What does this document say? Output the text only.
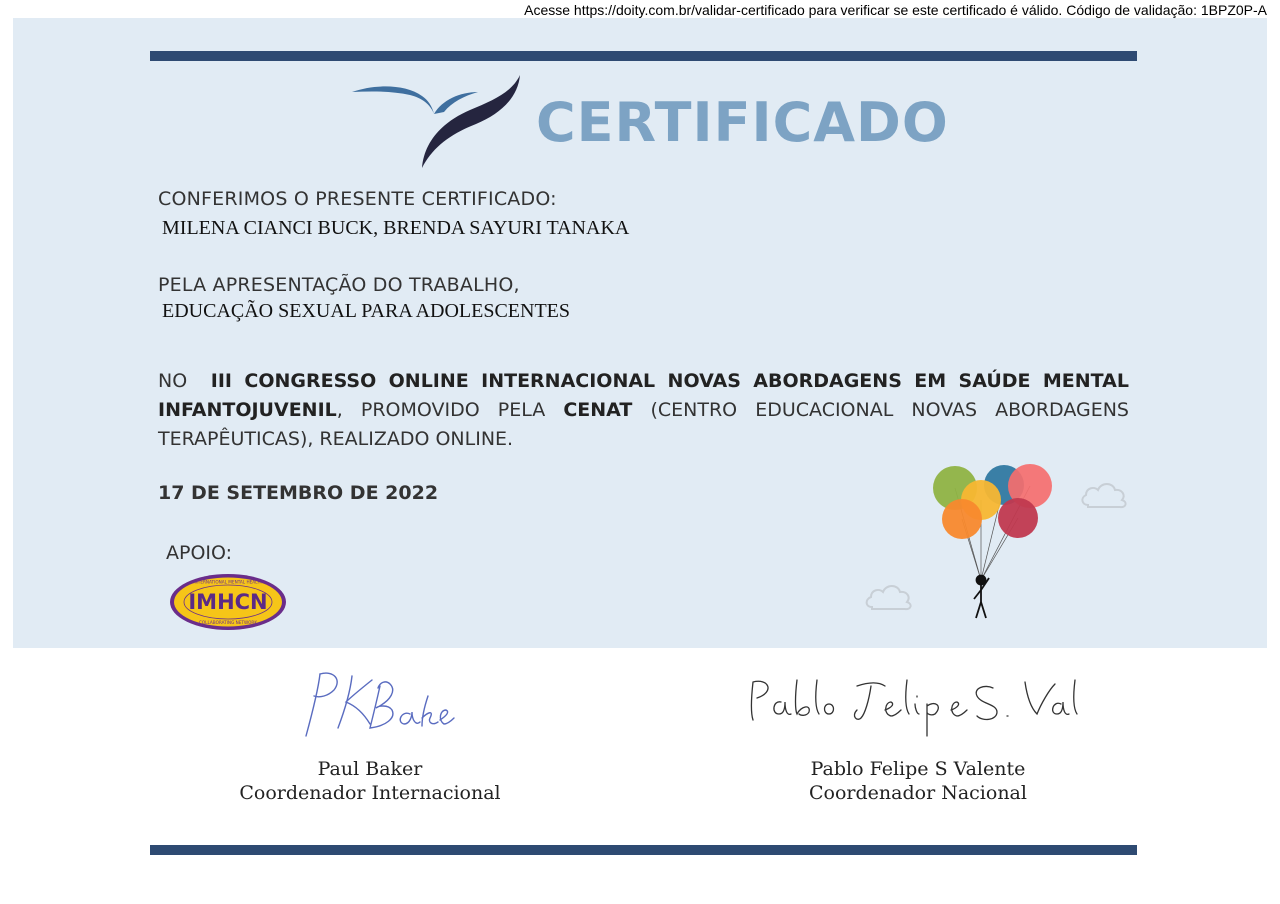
Acesse https://doity.com.br/validar-certificado para verificar se este certificado é válido. Código de validação: 1BPZ0P-A
CERTIFICADO
CONFERIMOS O PRESENTE CERTIFICADO:
MILENA CIANCI BUCK, BRENDA SAYURI TANAKA
PELA APRESENTAÇÃO DO TRABALHO,
EDUCAÇÃO SEXUAL PARA ADOLESCENTES
NO III CONGRESSO ONLINE INTERNACIONAL NOVAS ABORDAGENS EM SAÚDE MENTAL INFANTOJUVENIL, PROMOVIDO PELA CENAT (CENTRO EDUCACIONAL NOVAS ABORDAGENS TERAPÊUTICAS), REALIZADO ONLINE.
17 DE SETEMBRO DE 2022
APOIO:
INTERNATIONAL MENTAL HEALTH
IMHCN
COLLABORATING NETWORK
Paul Baker
Coordenador Internacional
Pablo Felipe S Valente
Coordenador Nacional
